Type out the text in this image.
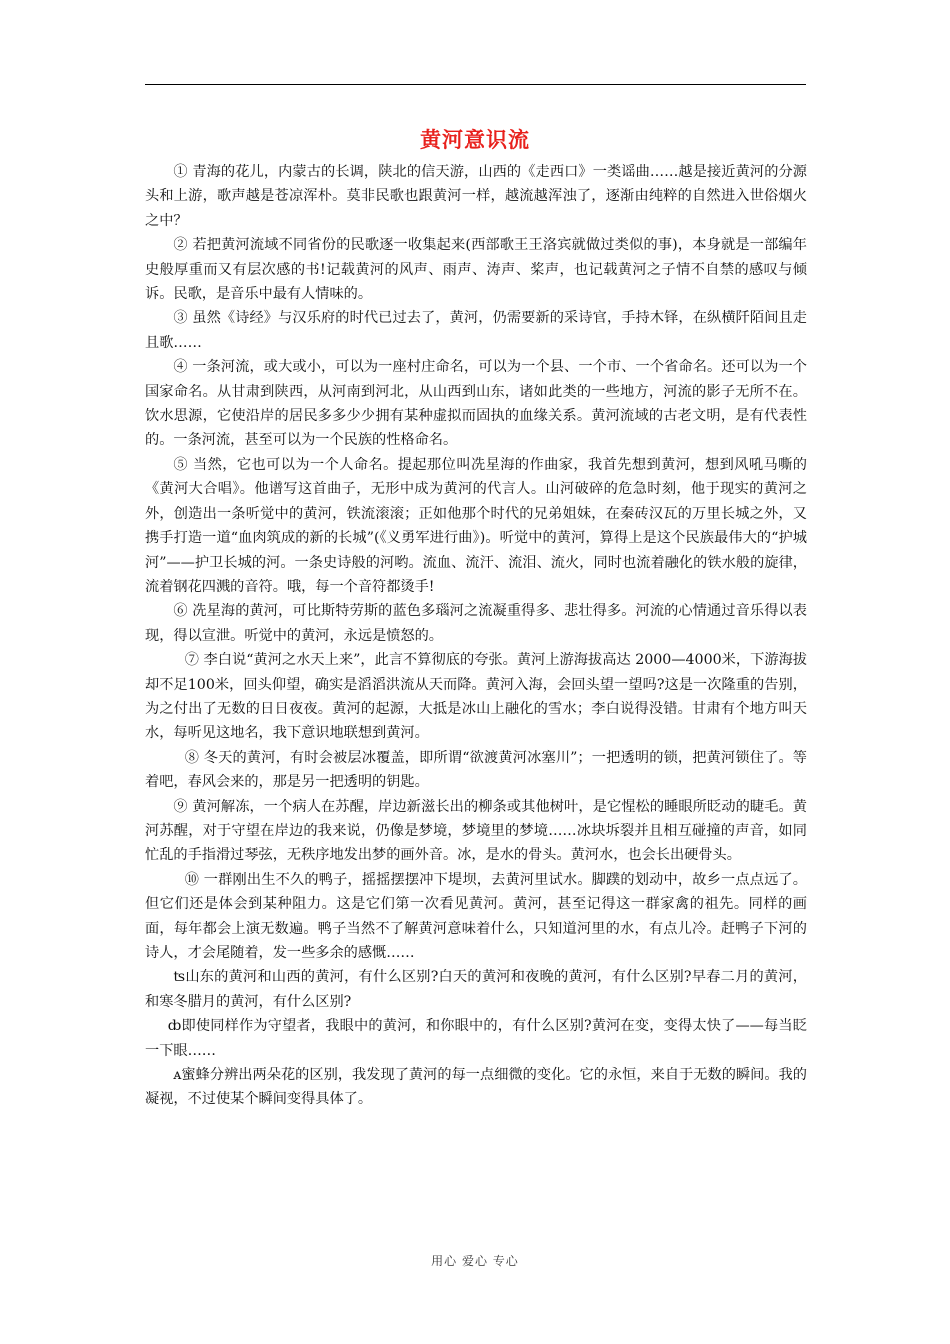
黄河意识流

① 青海的花儿，内蒙古的长调，陕北的信天游，山西的《走西口》一类谣曲……越是接近黄河的分源头和上游，歌声越是苍凉浑朴。莫非民歌也跟黄河一样，越流越浑浊了，逐渐由纯粹的自然进入世俗烟火之中？

② 若把黄河流域不同省份的民歌逐一收集起来(西部歌王王洛宾就做过类似的事)，本身就是一部编年史般厚重而又有层次感的书!记载黄河的风声、雨声、涛声、桨声，也记载黄河之子情不自禁的感叹与倾诉。民歌，是音乐中最有人情味的。

③ 虽然《诗经》与汉乐府的时代已过去了，黄河，仍需要新的采诗官，手持木铎，在纵横阡陌间且走且歌……

④ 一条河流，或大或小，可以为一座村庄命名，可以为一个县、一个市、一个省命名。还可以为一个国家命名。从甘肃到陕西，从河南到河北，从山西到山东，诸如此类的一些地方，河流的影子无所不在。饮水思源，它使沿岸的居民多多少少拥有某种虚拟而固执的血缘关系。黄河流域的古老文明，是有代表性的。一条河流，甚至可以为一个民族的性格命名。

⑤ 当然，它也可以为一个人命名。提起那位叫冼星海的作曲家，我首先想到黄河，想到风吼马嘶的《黄河大合唱》。他谱写这首曲子，无形中成为黄河的代言人。山河破碎的危急时刻，他于现实的黄河之外，创造出一条听觉中的黄河，铁流滚滚；正如他那个时代的兄弟姐妹，在秦砖汉瓦的万里长城之外，又携手打造一道“血肉筑成的新的长城”(《义勇军进行曲》)。听觉中的黄河，算得上是这个民族最伟大的“护城河”——护卫长城的河。一条史诗般的河哟。流血、流汗、流泪、流火，同时也流着融化的铁水般的旋律，流着钢花四溅的音符。哦，每一个音符都烫手!

⑥ 冼星海的黄河，可比斯特劳斯的蓝色多瑙河之流凝重得多、悲壮得多。河流的心情通过音乐得以表现，得以宣泄。听觉中的黄河，永远是愤怒的。

⑦ 李白说“黄河之水天上来”，此言不算彻底的夸张。黄河上游海拔高达 2000—4000米，下游海拔却不足100米，回头仰望，确实是滔滔洪流从天而降。黄河入海，会回头望一望吗?这是一次隆重的告别，为之付出了无数的日日夜夜。黄河的起源，大抵是冰山上融化的雪水；李白说得没错。甘肃有个地方叫天水，每听见这地名，我下意识地联想到黄河。

⑧ 冬天的黄河，有时会被层冰覆盖，即所谓“欲渡黄河冰塞川”；一把透明的锁，把黄河锁住了。等着吧，春风会来的，那是另一把透明的钥匙。

⑨ 黄河解冻，一个病人在苏醒，岸边新滋长出的柳条或其他树叶，是它惺松的睡眼所眨动的睫毛。黄河苏醒，对于守望在岸边的我来说，仍像是梦境，梦境里的梦境……冰块坼裂并且相互碰撞的声音，如同忙乱的手指滑过琴弦，无秩序地发出梦的画外音。冰，是水的骨头。黄河水，也会长出硬骨头。

⑩ 一群刚出生不久的鸭子，摇摇摆摆冲下堤坝，去黄河里试水。脚蹼的划动中，故乡一点点远了。但它们还是体会到某种阻力。这是它们第一次看见黄河。黄河，甚至记得这一群家禽的祖先。同样的画面，每年都会上演无数遍。鸭子当然不了解黄河意味着什么，只知道河里的水，有点儿冷。赶鸭子下河的诗人，才会尾随着，发一些多余的感慨……

ʦ山东的黄河和山西的黄河，有什么区别?白天的黄河和夜晚的黄河，有什么区别?早春二月的黄河，和寒冬腊月的黄河，有什么区别?

ȸ即使同样作为守望者，我眼中的黄河，和你眼中的，有什么区别?黄河在变，变得太快了——每当眨一下眼……

ᴀ蜜蜂分辨出两朵花的区别，我发现了黄河的每一点细微的变化。它的永恒，来自于无数的瞬间。我的凝视，不过使某个瞬间变得具体了。

用心 爱心 专心
